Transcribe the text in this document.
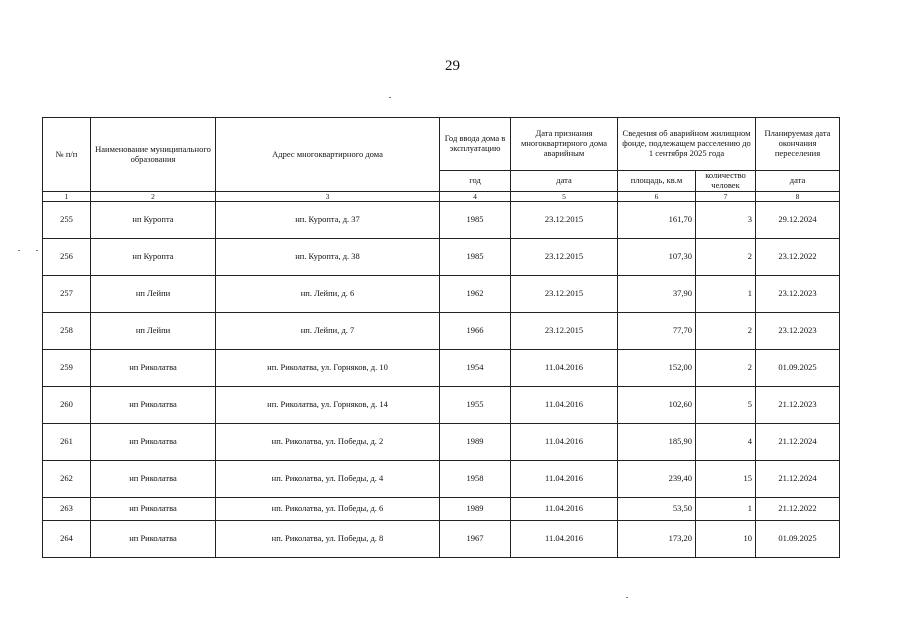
29
№ п/п	Наименование муниципального образования	Адрес многоквартирного дома	Год ввода дома в эксплуатацию	Дата признания многоквартирного дома аварийным	Сведения об аварийном жилищном фонде, подлежащем расселению до 1 сентября 2025 года		Планируемая дата окончания переселения
			год	дата	площадь, кв.м	количество человек	дата
1	2	3	4	5	6	7	8
255	нп Куропта	нп. Куропта, д. 37	1985	23.12.2015	161,70	3	29.12.2024
256	нп Куропта	нп. Куропта, д. 38	1985	23.12.2015	107,30	2	23.12.2022
257	нп Лейпи	нп. Лейпи, д. 6	1962	23.12.2015	37,90	1	23.12.2023
258	нп Лейпи	нп. Лейпи, д. 7	1966	23.12.2015	77,70	2	23.12.2023
259	нп Риколатва	нп. Риколатва, ул. Горняков, д. 10	1954	11.04.2016	152,00	2	01.09.2025
260	нп Риколатва	нп. Риколатва, ул. Горняков, д. 14	1955	11.04.2016	102,60	5	21.12.2023
261	нп Риколатва	нп. Риколатва, ул. Победы, д. 2	1989	11.04.2016	185,90	4	21.12.2024
262	нп Риколатва	нп. Риколатва, ул. Победы, д. 4	1958	11.04.2016	239,40	15	21.12.2024
263	нп Риколатва	нп. Риколатва, ул. Победы, д. 6	1989	11.04.2016	53,50	1	21.12.2022
264	нп Риколатва	нп. Риколатва, ул. Победы, д. 8	1967	11.04.2016	173,20	10	01.09.2025
